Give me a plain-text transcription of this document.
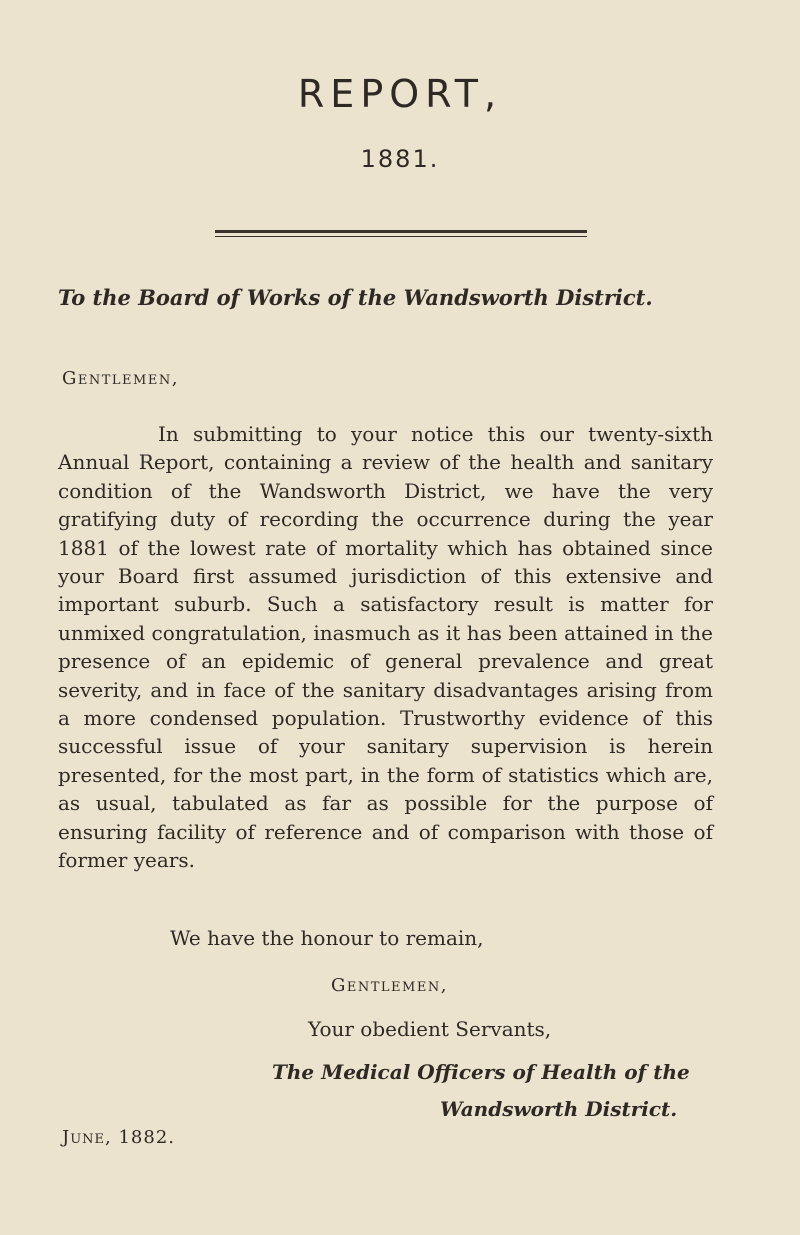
REPORT,
1881.
To the Board of Works of the Wandsworth District.
Gentlemen,

In submitting to your notice this our twenty-sixth Annual Report, containing a review of the health and sanitary condition of the Wandsworth District, we have the very gratifying duty of recording the occurrence during the year 1881 of the lowest rate of mortality which has obtained since your Board first assumed jurisdiction of this extensive and important suburb. Such a satisfactory result is matter for unmixed congratulation, inasmuch as it has been attained in the presence of an epidemic of general prevalence and great severity, and in face of the sanitary disadvantages arising from a more condensed population. Trustworthy evidence of this successful issue of your sanitary supervision is herein presented, for the most part, in the form of statistics which are, as usual, tabulated as far as possible for the purpose of ensuring facility of reference and of comparison with those of former years.

We have the honour to remain,
Gentlemen,
Your obedient Servants,
The Medical Officers of Health of the
Wandsworth District.
June, 1882.
